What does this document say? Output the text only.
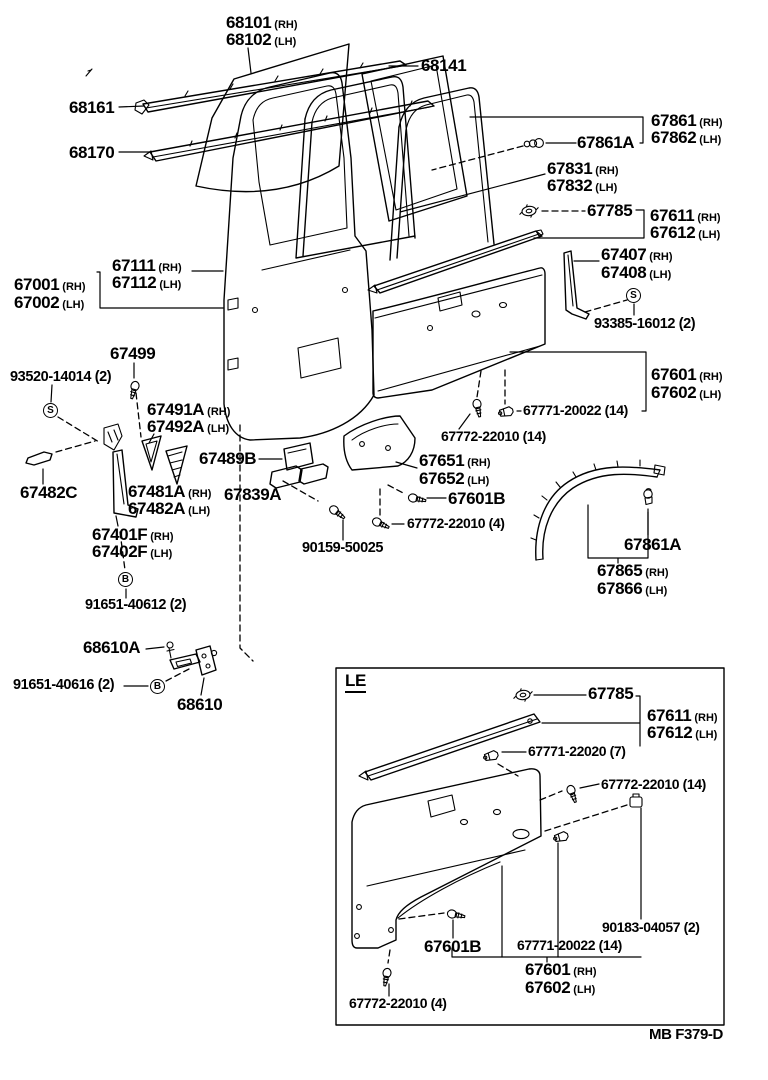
68101 (RH)
68102 (LH)
68141
68161
68170
67861 (RH)
67862 (LH)
67861A
67831 (RH)
67832 (LH)
67785 67611 (RH)
67612 (LH)
67407 (RH)
67408 (LH)
93385-16012 (2)
67111 (RH)
67112 (LH)
67001 (RH)
67002 (LH)
67601 (RH)
67602 (LH)
67499
93520-14014 (2)
67491A (RH)
67492A (LH)
67771-20022 (14)
67772-22010 (14)
67489B	67651 (RH)
67652 (LH)
67482C	67481A (RH)
67482A (LH)
67839A	67601B
67772-22010 (4)
67401F (RH)
67402F (LH)	90159-50025	67861A
67865 (RH)
67866 (LH)
91651-40612 (2)
68610A
91651-40616 (2)
68610
LE
67785
67611 (RH)
67612 (LH)
67771-22020 (7)
67772-22010 (14)
90183-04057 (2)
67601B	67771-20022 (14)
67601 (RH)
67602 (LH)
67772-22010 (4)
MB F379-D
S
S
B
B
